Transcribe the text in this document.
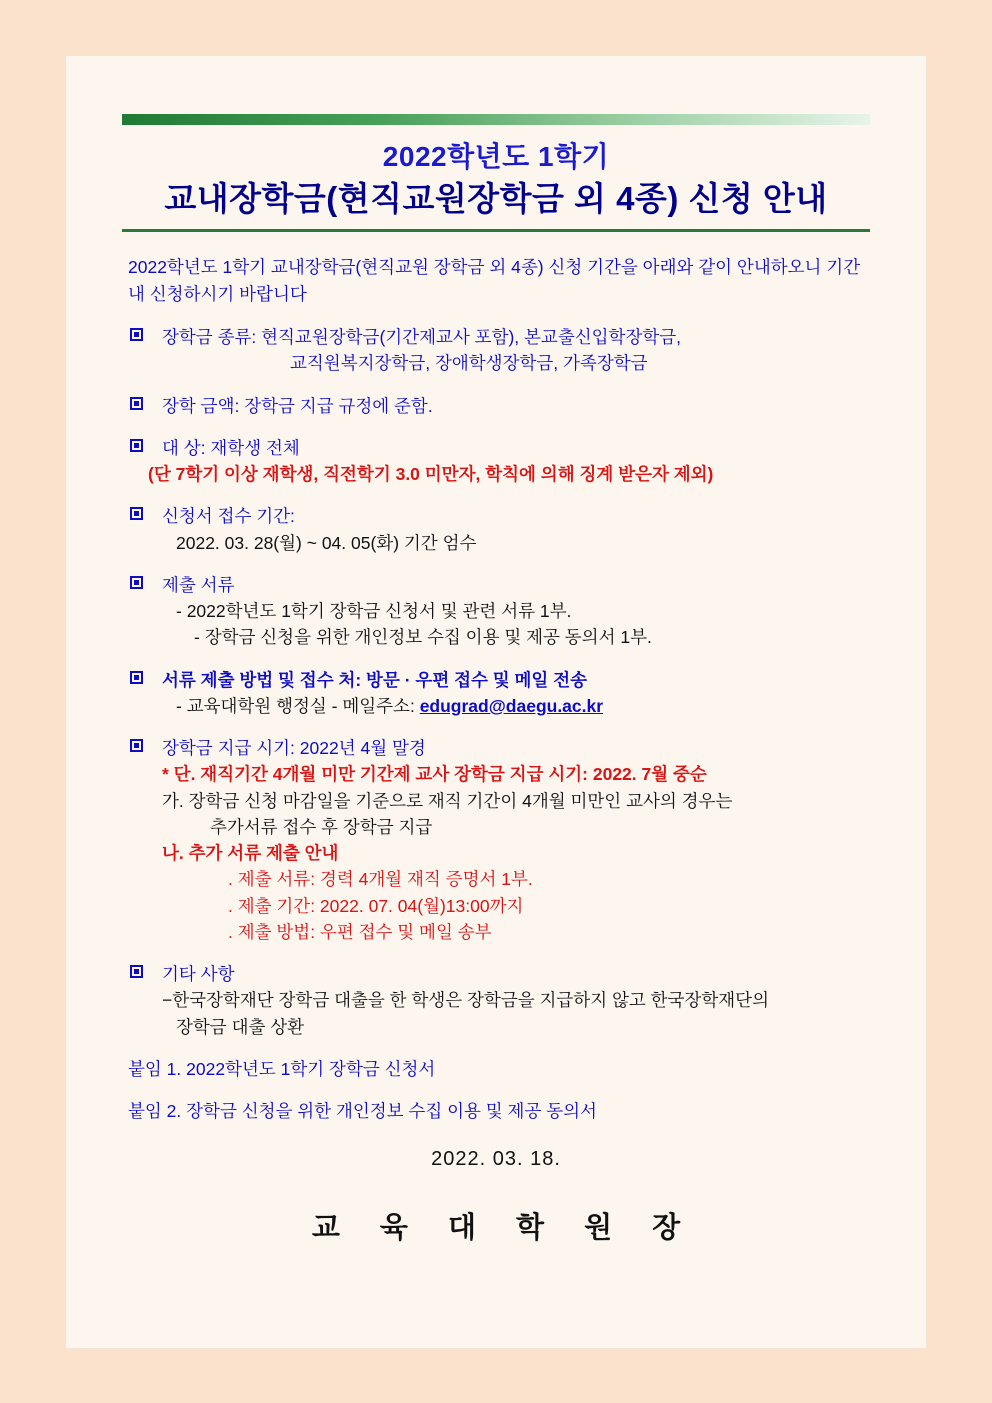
2022학년도 1학기
교내장학금(현직교원장학금 외 4종) 신청 안내
2022학년도 1학기 교내장학금(현직교원 장학금 외 4종) 신청 기간을 아래와 같이 안내하오니 기간내 신청하시기 바랍니다
장학금 종류: 현직교원장학금(기간제교사 포함), 본교출신입학장학금,
교직원복지장학금, 장애학생장학금, 가족장학금
장학 금액: 장학금 지급 규정에 준함.
대 상: 재학생 전체
(단 7학기 이상 재학생, 직전학기 3.0 미만자, 학칙에 의해 징계 받은자 제외)
신청서 접수 기간:
2022. 03. 28(월) ~ 04. 05(화) 기간 엄수
제출 서류
- 2022학년도 1학기 장학금 신청서 및 관련 서류 1부.
- 장학금 신청을 위한 개인정보 수집 이용 및 제공 동의서 1부.
서류 제출 방법 및 접수 처: 방문 · 우편 접수 및 메일 전송
- 교육대학원 행정실 - 메일주소: edugrad@daegu.ac.kr
장학금 지급 시기: 2022년 4월 말경
* 단. 재직기간 4개월 미만 기간제 교사 장학금 지급 시기: 2022. 7월 중순
가. 장학금 신청 마감일을 기준으로 재직 기간이 4개월 미만인 교사의 경우는
추가서류 접수 후 장학금 지급
나. 추가 서류 제출 안내
. 제출 서류: 경력 4개월 재직 증명서 1부.
. 제출 기간: 2022. 07. 04(월)13:00까지
. 제출 방법: 우편 접수 및 메일 송부
기타 사항
−한국장학재단 장학금 대출을 한 학생은 장학금을 지급하지 않고 한국장학재단의
장학금 대출 상환
붙임 1. 2022학년도 1학기 장학금 신청서
붙임 2. 장학금 신청을 위한 개인정보 수집 이용 및 제공 동의서
2022. 03. 18.
교 육 대 학 원 장
